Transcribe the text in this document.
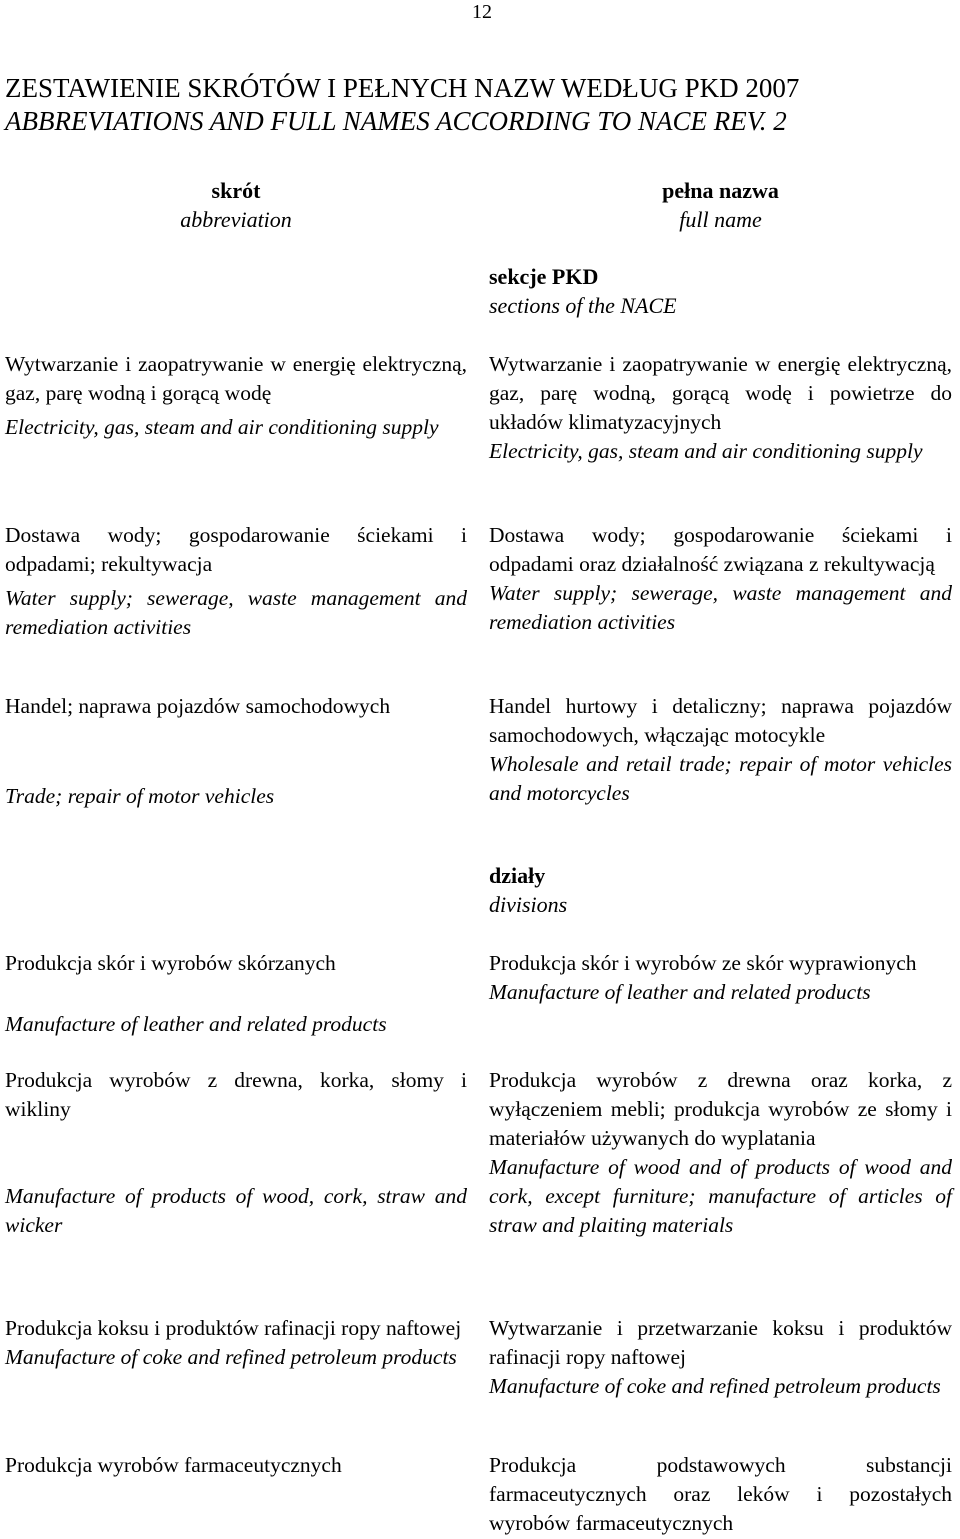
12
ZESTAWIENIE SKRÓTÓW I PEŁNYCH NAZW WEDŁUG PKD 2007
ABBREVIATIONS AND FULL NAMES ACCORDING TO NACE REV. 2
skrót
abbreviation
pełna nazwa
full name
sekcje PKD
sections of the NACE
Wytwarzanie i zaopatrywanie w energię elektryczną, gaz, parę wodną i gorącą wodę
Electricity, gas, steam and air conditioning supply
Wytwarzanie i zaopatrywanie w energię elektryczną, gaz, parę wodną, gorącą wodę i powietrze do układów klimatyzacyjnych
Electricity, gas, steam and air conditioning supply
Dostawa wody; gospodarowanie ściekami i odpadami; rekultywacja
Water supply; sewerage, waste management and remediation activities
Dostawa wody; gospodarowanie ściekami i odpadami oraz działalność związana z rekultywacją
Water supply; sewerage, waste management and remediation activities
Handel; naprawa pojazdów samochodowych
Trade; repair of motor vehicles
Handel hurtowy i detaliczny; naprawa pojazdów samochodowych, włączając motocykle
Wholesale and retail trade; repair of motor vehicles and motorcycles
działy
divisions
Produkcja skór i wyrobów skórzanych
Manufacture of leather and related products
Produkcja skór i wyrobów ze skór wyprawionych
Manufacture of leather and related products
Produkcja wyrobów z drewna, korka, słomy i wikliny
Manufacture of products of wood, cork, straw and wicker
Produkcja wyrobów z drewna oraz korka, z wyłączeniem mebli; produkcja wyrobów ze słomy i materiałów używanych do wyplatania
Manufacture of wood and of products of wood and cork, except furniture; manufacture of articles of straw and plaiting materials
Produkcja koksu i produktów rafinacji ropy naftowej
Manufacture of coke and refined petroleum products
Wytwarzanie i przetwarzanie koksu i produktów rafinacji ropy naftowej
Manufacture of coke and refined petroleum products
Produkcja wyrobów farmaceutycznych	Produkcja podstawowych substancji farmaceutycznych oraz leków i pozostałych wyrobów farmaceutycznych
